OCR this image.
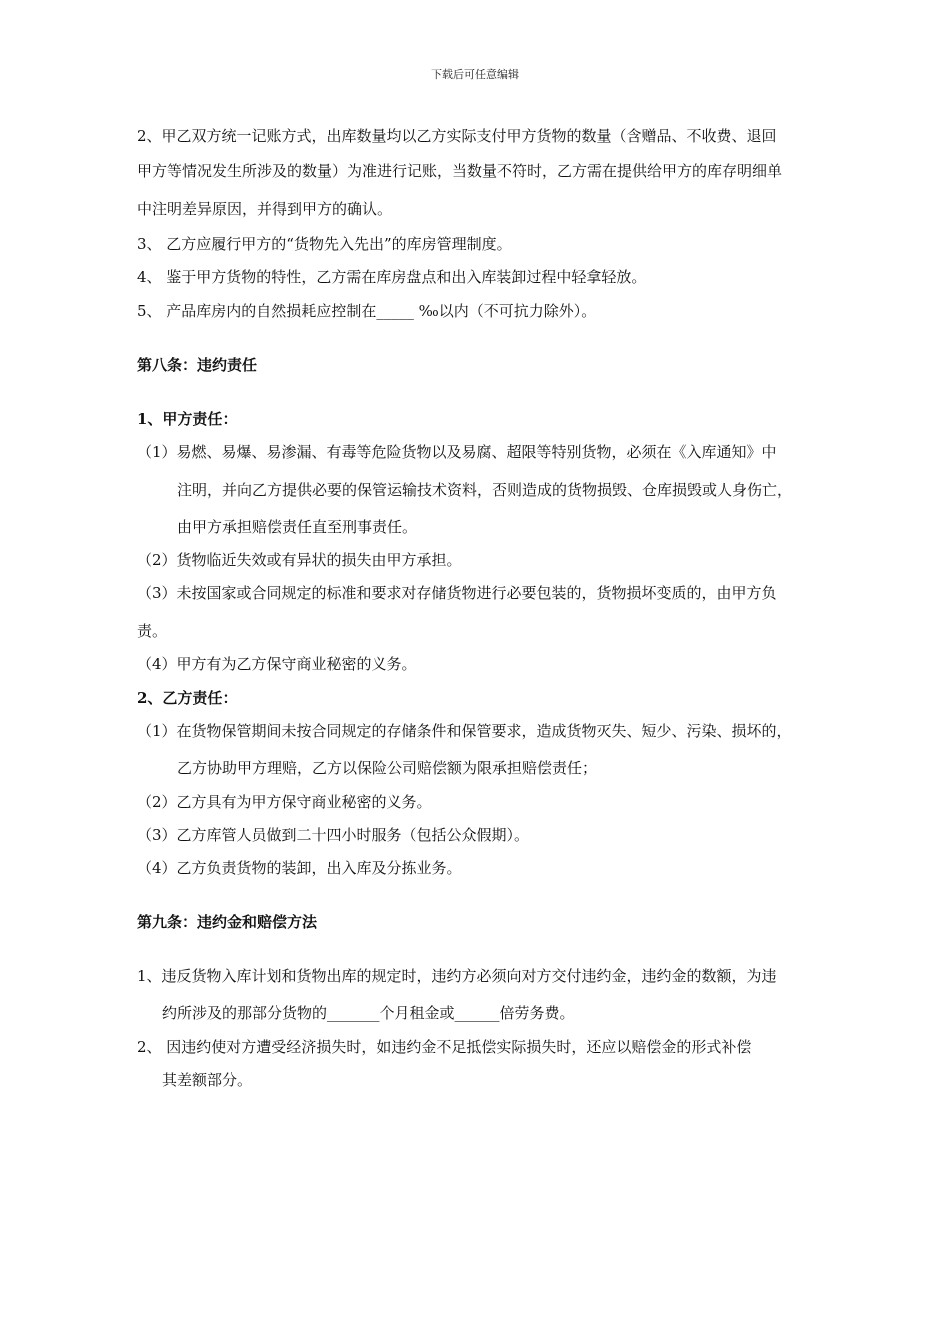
下载后可任意编辑
2、甲乙双方统一记账方式，出库数量均以乙方实际支付甲方货物的数量（含赠品、不收费、退回
甲方等情况发生所涉及的数量）为准进行记账，当数量不符时，乙方需在提供给甲方的库存明细单
中注明差异原因，并得到甲方的确认。
3、 乙方应履行甲方的“货物先入先出”的库房管理制度。
4、 鉴于甲方货物的特性，乙方需在库房盘点和出入库装卸过程中轻拿轻放。
5、 产品库房内的自然损耗应控制在_____ ‰以内（不可抗力除外）。
第八条：违约责任
1、甲方责任：
（1）易燃、易爆、易渗漏、有毒等危险货物以及易腐、超限等特别货物，必须在《入库通知》中
注明，并向乙方提供必要的保管运输技术资料，否则造成的货物损毁、仓库损毁或人身伤亡，
由甲方承担赔偿责任直至刑事责任。
（2）货物临近失效或有异状的损失由甲方承担。
（3）未按国家或合同规定的标准和要求对存储货物进行必要包装的，货物损坏变质的，由甲方负
责。
（4）甲方有为乙方保守商业秘密的义务。
2、乙方责任：
（1）在货物保管期间未按合同规定的存储条件和保管要求，造成货物灭失、短少、污染、损坏的，
乙方协助甲方理赔，乙方以保险公司赔偿额为限承担赔偿责任；
（2）乙方具有为甲方保守商业秘密的义务。
（3）乙方库管人员做到二十四小时服务（包括公众假期）。
（4）乙方负责货物的装卸，出入库及分拣业务。
第九条：违约金和赔偿方法
1、违反货物入库计划和货物出库的规定时，违约方必须向对方交付违约金，违约金的数额，为违
约所涉及的那部分货物的_______个月租金或______倍劳务费。
2、 因违约使对方遭受经济损失时，如违约金不足抵偿实际损失时，还应以赔偿金的形式补偿
其差额部分。
